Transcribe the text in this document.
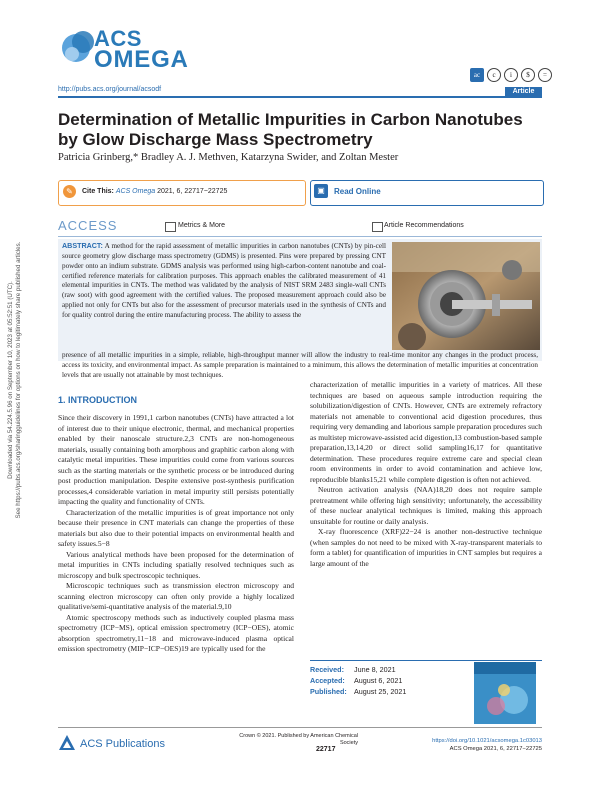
Downloaded via 54.224.5.96 on September 10, 2023 at 05:52:51 (UTC). See https://pubs.acs.org/sharingguidelines for options on how to legitimately share published articles.
ACS
OMEGA
ac	c	i	$	=
http://pubs.acs.org/journal/acsodf	Article
Determination of Metallic Impurities in Carbon Nanotubes by Glow Discharge Mass Spectrometry
Patricia Grinberg,* Bradley A. J. Methven, Katarzyna Swider, and Zoltan Mester
✎	Cite This: ACS Omega 2021, 6, 22717−22725	▣	Read Online
ACCESS	Metrics & More	Article Recommendations
ABSTRACT: A method for the rapid assessment of metallic impurities in carbon nanotubes (CNTs) by pin-cell source geometry glow discharge mass spectrometry (GDMS) is presented. Pins were prepared by pressing CNT powder onto an indium substrate. GDMS analysis was performed using high-carbon-content nanotube and coal-certified reference materials for calibration purposes. This approach enables the calibrated measurement of 41 elemental impurities in CNTs. The method was validated by the analysis of NIST SRM 2483 single-wall CNTs (raw soot) with good agreement with the certified values. The proposed measurement approach could also be applied not only for CNTs but also for the assessment of precursor materials used in the synthesis of CNTs and for quality control during the entire manufacturing process. The ability to assess the
presence of all metallic impurities in a simple, reliable, high-throughput manner will allow the industry to real-time monitor any changes in the product process, access its toxicity, and environmental impact. As sample preparation is maintained to a minimum, this allows the determination of metallic impurities at concentration levels that are usually not attainable by most techniques.
1. INTRODUCTION

Since their discovery in 1991,1 carbon nanotubes (CNTs) have attracted a lot of interest due to their unique electronic, thermal, and mechanical properties enabled by their nanoscale structure.2,3 CNTs are non-homogeneous materials, usually containing both amorphous and graphitic carbon along with catalytic metal impurities. These impurities could come from various sources such as the starting materials or the synthetic process or be introduced during post production manipulation. Despite extensive post-synthesis purification processes,4 considerable variation in metal impurity still persists potentially impacting the quality and functionality of CNTs.

Characterization of the metallic impurities is of great importance not only because their presence in CNT materials can change the properties of these materials but also due to their potential impacts on environmental health and safety issues.5−8

Various analytical methods have been proposed for the determination of metal impurities in CNTs including spatially resolved techniques such as microscopy and bulk spectroscopic techniques.

Microscopic techniques such as transmission electron microscopy and scanning electron microscopy can often only provide a highly localized qualitative/semi-quantitative analysis of the material.9,10

Atomic spectroscopy methods such as inductively coupled plasma mass spectrometry (ICP−MS), optical emission spectrometry (ICP−OES), atomic absorption spectrometry,11−18 and microwave-induced plasma optical emission spectrometry (MIP−ICP−OES)19 are typically used for the

characterization of metallic impurities in a variety of matrices. All these techniques are based on aqueous sample introduction requiring the solubilization/digestion of CNTs. However, CNTs are extremely refractory materials not amenable to conventional acid digestion procedures, thus requiring very demanding and laborious sample preparation procedures such as multistep microwave-assisted acid digestion,13 combustion-based sample preparation,13,14,20 or direct solid sampling16,17 for quantitative determination. These procedures require extreme care and special clean room environments in order to avoid contamination and achieve low, reproducible blanks15,21 while complete digestion is often not achieved.

Neutron activation analysis (NAA)18,20 does not require sample pretreatment while offering high sensitivity; unfortunately, the accessibility of these nuclear analytical techniques is limited, making this approach unsuitable for routine or daily analysis.

X-ray fluorescence (XRF)22−24 is another non-destructive technique (when samples do not need to be mixed with X-ray-transparent materials to form a tablet) for quantification of impurities in CNT samples but requires a large amount of the

Received: June 8, 2021
Accepted: August 6, 2021
Published: August 25, 2021
ACS Publications
Crown © 2021. Published by American Chemical Society
22717
https://doi.org/10.1021/acsomega.1c03013
ACS Omega 2021, 6, 22717−22725
